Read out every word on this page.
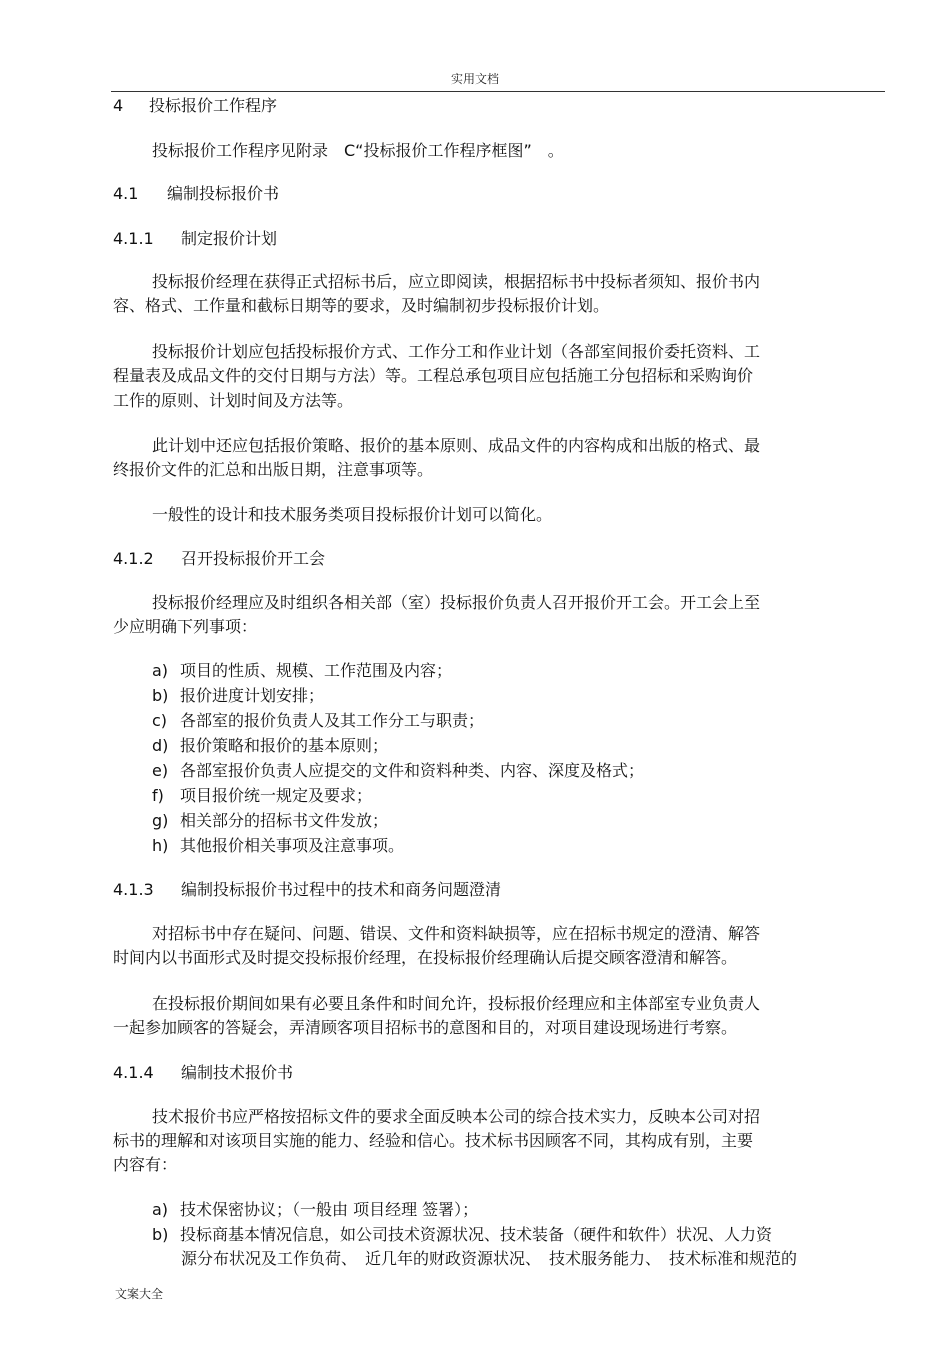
实用文档
4 投标报价工作程序
投标报价工作程序见附录　C“投标报价工作程序框图”　。
4.1 编制投标报价书
4.1.1 制定报价计划
投标报价经理在获得正式招标书后，应立即阅读，根据招标书中投标者须知、报价书内
容、格式、工作量和截标日期等的要求，及时编制初步投标报价计划。
投标报价计划应包括投标报价方式、工作分工和作业计划（各部室间报价委托资料、工
程量表及成品文件的交付日期与方法）等。工程总承包项目应包括施工分包招标和采购询价
工作的原则、计划时间及方法等。
此计划中还应包括报价策略、报价的基本原则、成品文件的内容构成和出版的格式、最
终报价文件的汇总和出版日期，注意事项等。
一般性的设计和技术服务类项目投标报价计划可以简化。
4.1.2 召开投标报价开工会
投标报价经理应及时组织各相关部（室）投标报价负责人召开报价开工会。开工会上至
少应明确下列事项：
a) 项目的性质、规模、工作范围及内容；
b) 报价进度计划安排；
c) 各部室的报价负责人及其工作分工与职责；
d) 报价策略和报价的基本原则；
e) 各部室报价负责人应提交的文件和资料种类、内容、深度及格式；
f) 项目报价统一规定及要求；
g) 相关部分的招标书文件发放；
h) 其他报价相关事项及注意事项。
4.1.3 编制投标报价书过程中的技术和商务问题澄清
对招标书中存在疑问、问题、错误、文件和资料缺损等，应在招标书规定的澄清、解答
时间内以书面形式及时提交投标报价经理，在投标报价经理确认后提交顾客澄清和解答。
在投标报价期间如果有必要且条件和时间允许，投标报价经理应和主体部室专业负责人
一起参加顾客的答疑会，弄清顾客项目招标书的意图和目的，对项目建设现场进行考察。
4.1.4 编制技术报价书
技术报价书应严格按招标文件的要求全面反映本公司的综合技术实力，反映本公司对招
标书的理解和对该项目实施的能力、经验和信心。技术标书因顾客不同，其构成有别，主要
内容有：
a) 技术保密协议；（一般由 项目经理 签署）；
b) 投标商基本情况信息，如公司技术资源状况、技术装备（硬件和软件）状况、人力资
源分布状况及工作负荷、　近几年的财政资源状况、　技术服务能力、　技术标准和规范的
文案大全
